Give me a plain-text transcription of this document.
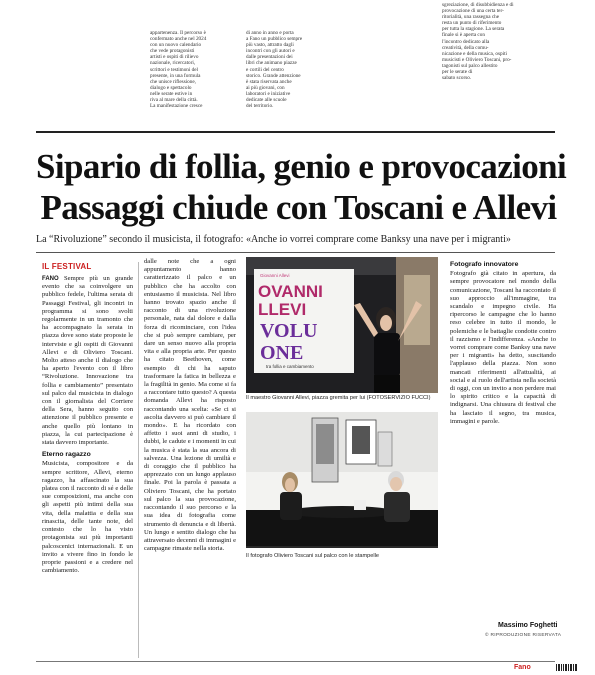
appartenenza. Il percorso è
confermato anche nel 2024
con un nuovo calendario
che vede protagonisti
artisti e ospiti di rilievo
nazionale, ricercatori,
scrittori e testimoni del
presente, in una formula
che unisce riflessione,
dialogo e spettacolo
nelle serate estive in
riva al mare della città.
La manifestazione cresce
di anno in anno e porta
a Fano un pubblico sempre
più vasto, attratto dagli
incontri con gli autori e
dalle presentazioni dei
libri che animano piazze
e cortili del centro
storico. Grande attenzione
è stata riservata anche
ai più giovani, con
laboratori e iniziative
dedicate alle scuole
del territorio.
sgreziazione, di disubbidienza e di
provocazione di una certa ter-
ritorialità, una rassegna che
resta un punto di riferimento
per tutta la stagione. La serata
finale si è aperta con
l'incontro dedicato alla
creatività, della comu-
nicazione e della musica, ospiti
musicisti e Oliviero Toscani, pro-
tagonisti sul palco allestito
per le serate di
sabato scorso.
Sipario di follia, genio e provocazioni
Passaggi chiude con Toscani e Allevi
La “Rivoluzione” secondo il musicista, il fotografo: «Anche io vorrei comprare come Banksy una nave per i migranti»
IL FESTIVAL

FANO Sempre più un grande evento che sa coinvolgere un pubblico fedele, l'ultima serata di Passaggi Festival, gli incontri in programma si sono svolti regolarmente in un tramonto che ha accompagnato la serata in piazza dove sono state proposte le interviste e gli ospiti di Giovanni Allevi e di Oliviero Toscani. Molto atteso anche il dialogo che ha aperto l'evento con il libro “Rivoluzione. Innovazione tra follia e cambiamento” presentato sul palco dal musicista in dialogo con il giornalista del Corriere della Sera, hanno seguito con attenzione il pubblico presente e anche quello più lontano in piazza, la cui partecipazione è stata davvero importante.

Eterno ragazzo

Musicista, compositore e da sempre scrittore, Allevi, eterno ragazzo, ha affascinato la sua platea con il racconto di sé e delle sue composizioni, ma anche con gli aspetti più intimi della sua vita, della malattia e della sua rinascita, delle tante note, del contesto che lo ha visto protagonista sui più importanti palcoscenici internazionali. E un invito a vivere fino in fondo le proprie passioni e a credere nel cambiamento.

dalle note che a ogni appuntamento hanno caratterizzato il palco e un pubblico che ha accolto con entusiasmo il musicista. Nel libro hanno trovato spazio anche il racconto di una rivoluzione personale, nata dal dolore e dalla forza di ricominciare, con l'idea che si può sempre cambiare, per dare un senso nuovo alla propria vita e alla propria arte. Per questo ha citato Beethoven, come esempio di chi ha saputo trasformare la fatica in bellezza e la fragilità in genio. Ma come si fa a raccontare tutto questo? A questa domanda Allevi ha risposto raccontando una scelta: «Se ci si ascolta davvero si può cambiare il mondo». E ha ricordato con affetto i suoi anni di studio, i dubbi, le cadute e i momenti in cui la musica è stata la sua ancora di salvezza. Una lezione di umiltà e di coraggio che il pubblico ha apprezzato con un lungo applauso finale. Poi la parola è passata a Oliviero Toscani, che ha portato sul palco la sua provocazione, raccontando il suo percorso e la sua idea di fotografia come strumento di denuncia e di libertà. Un lungo e sentito dialogo che ha attraversato decenni di immagini e campagne rimaste nella storia.

Giovanni Allevi
OVANNI
LLEVI
VOLU
ONE
tra follia e cambiamento
Il maestro Giovanni Allevi, piazza gremita per lui (FOTOSERVIZIO FUCCI)
Il fotografo Oliviero Toscani sul palco con le stampelle
Fotografo innovatore

Fotografo già citato in apertura, da sempre provocatore nel mondo della comunicazione, Toscani ha raccontato il suo approccio all'immagine, tra scandalo e impegno civile. Ha ripercorso le campagne che lo hanno reso celebre in tutto il mondo, le polemiche e le battaglie condotte contro il razzismo e l'indifferenza. «Anche io vorrei comprare come Banksy una nave per i migranti» ha detto, suscitando l'applauso della piazza. Non sono mancati riferimenti all'attualità, ai social e al ruolo dell'artista nella società di oggi, con un invito a non perdere mai lo spirito critico e la capacità di indignarsi. Una chiusura di festival che ha lasciato il segno, tra musica, immagini e parole.

Massimo Foghetti
© RIPRODUZIONE RISERVATA
Fano
